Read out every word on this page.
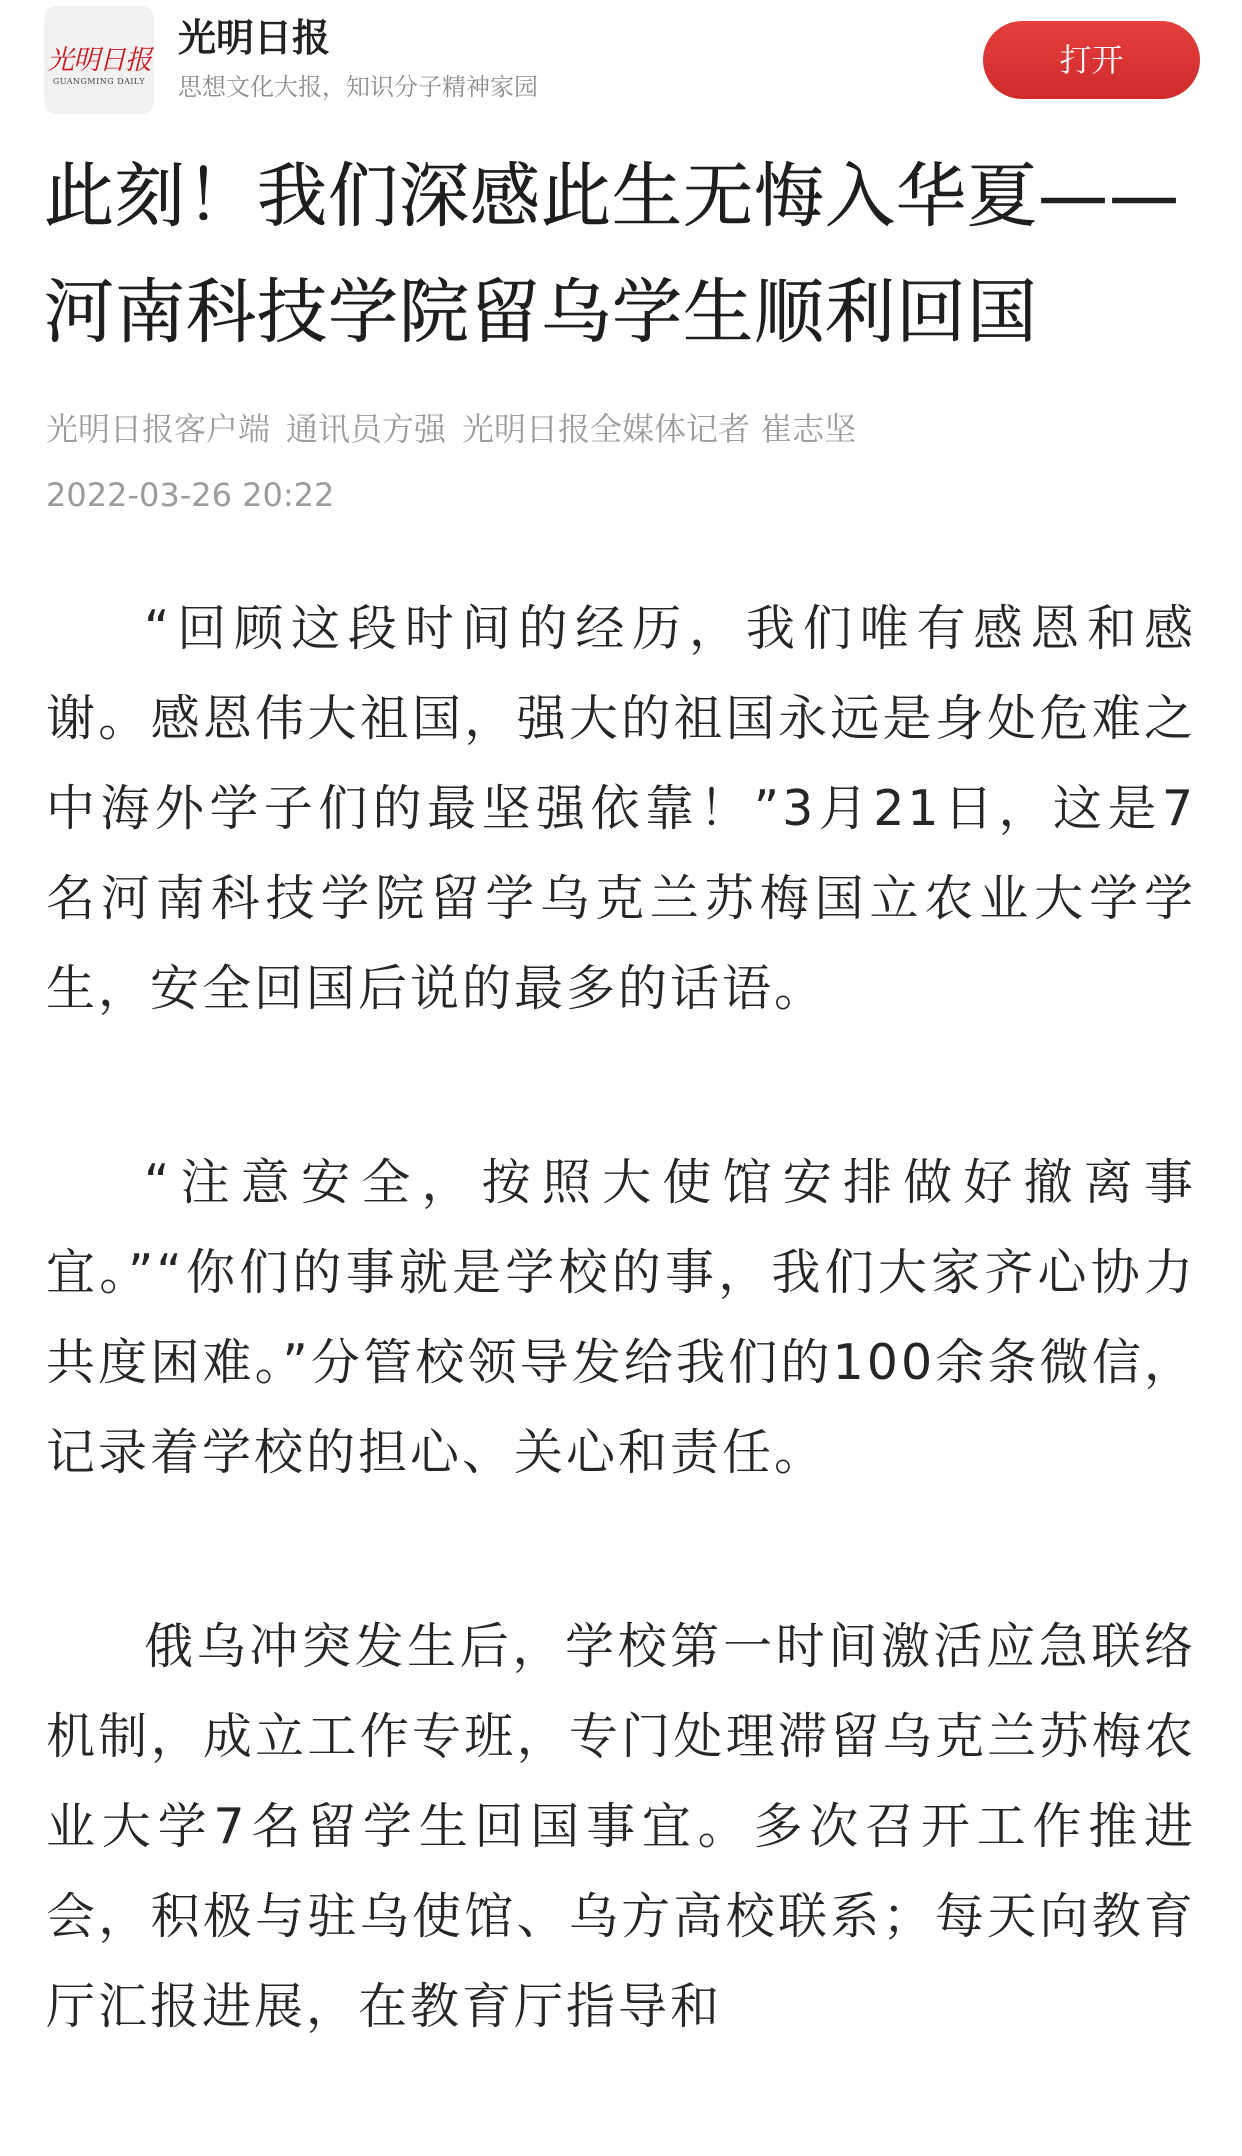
光明日报
GUANGMING DAILY
光明日报
思想文化大报，知识分子精神家园
打开
此刻！我们深感此生无悔入华夏——河南科技学院留乌学生顺利回国
光明日报客户端 通讯员方强 光明日报全媒体记者 崔志坚
2022-03-26 20:22

“回顾这段时间的经历，我们唯有感恩和感谢。感恩伟大祖国，强大的祖国永远是身处危难之中海外学子们的最坚强依靠！”3月21日，这是7名河南科技学院留学乌克兰苏梅国立农业大学学生，安全回国后说的最多的话语。

“注意安全，按照大使馆安排做好撤离事宜。”“你们的事就是学校的事，我们大家齐心协力共度困难。”分管校领导发给我们的100余条微信，记录着学校的担心、关心和责任。

俄乌冲突发生后，学校第一时间激活应急联络机制，成立工作专班，专门处理滞留乌克兰苏梅农业大学7名留学生回国事宜。多次召开工作推进会，积极与驻乌使馆、乌方高校联系；每天向教育厅汇报进展，在教育厅指导和
